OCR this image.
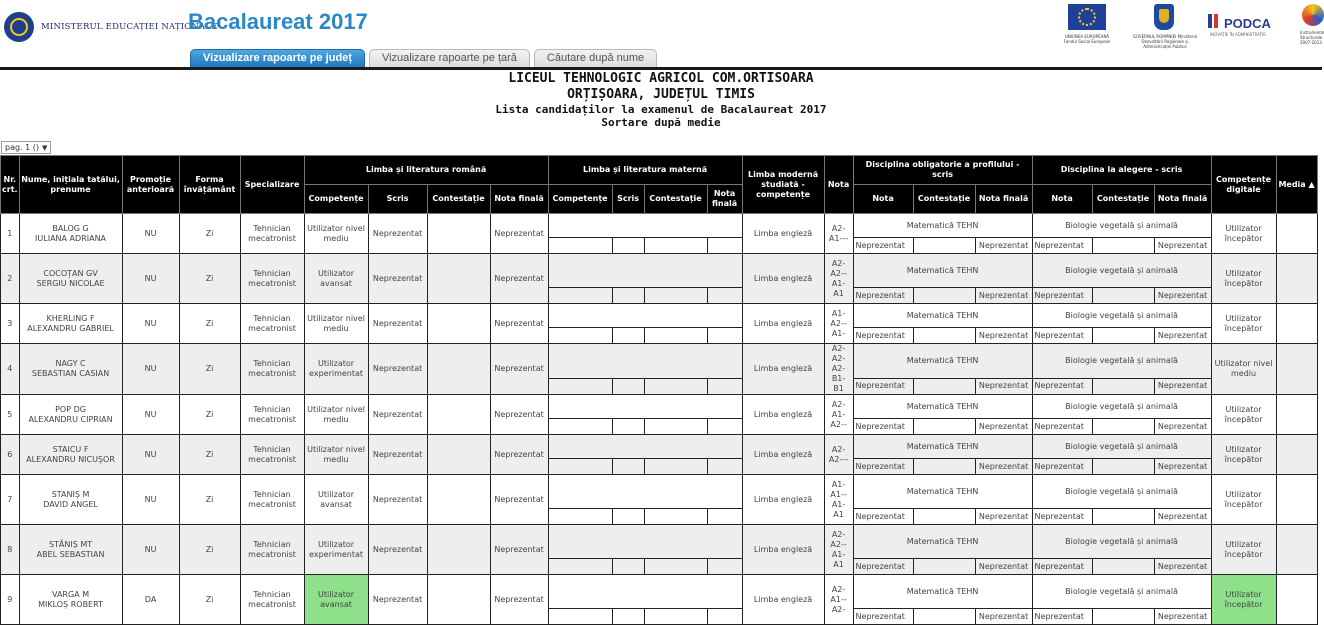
MINISTERUL EDUCAȚIEI NAȚIONALE
Bacalaureat 2017
Vizualizare rapoarte pe județ	Vizualizare rapoarte pe țară	Căutare după nume
UNIUNEA EUROPEANĂ Fondul Social European
GUVERNUL ROMÂNIEI Ministerul Dezvoltării Regionale și Administrației Publice
PODCA
INOVAȚIE ÎN ADMINISTRAȚIE	Instrumente Structurale 2007-2013
LICEUL TEHNOLOGIC AGRICOL COM.ORTISOARA
ORȚIȘOARA, JUDEȚUL TIMIS
Lista candidaților la examenul de Bacalaureat 2017
Sortare după medie
pag. 1 () ▼
Nr. crt.	Nume, inițiala tatălui, prenume	Promoție anterioară	Forma învățământ	Specializare	Limba și literatura română				Limba și literatura maternă				Limba modernă studiată - competențe	Nota	Disciplina obligatorie a profilului - scris			Disciplina la alegere - scris			Competențe digitale	Media ▲
					Competențe	Scris	Contestație	Nota finală	Competențe	Scris	Contestație	Nota finală			Nota	Contestație	Nota finală	Nota	Contestație	Nota finală		
1	BALOG G
IULIANA ADRIANA	NU	Zi	Tehnician mecatronist	Utilizator nivel mediu	Neprezentat		Neprezentat					Limba engleză	A2- A1---	Matematică TEHN			Biologie vegetală și animală			Utilizator începător	
															Neprezentat		Neprezentat	Neprezentat		Neprezentat		
2	COCOȚAN GV
SERGIU NICOLAE	NU	Zi	Tehnician mecatronist	Utilizator avansat	Neprezentat		Neprezentat					Limba engleză	A2- A2-- A1- A1	Matematică TEHN			Biologie vegetală și animală			Utilizator începător	
															Neprezentat		Neprezentat	Neprezentat		Neprezentat		
3	KHERLING F
ALEXANDRU GABRIEL	NU	Zi	Tehnician mecatronist	Utilizator nivel mediu	Neprezentat		Neprezentat					Limba engleză	A1- A2-- A1-	Matematică TEHN			Biologie vegetală și animală			Utilizator începător	
															Neprezentat		Neprezentat	Neprezentat		Neprezentat		
4	NAGY C
SEBASTIAN CASIAN	NU	Zi	Tehnician mecatronist	Utilizator experimentat	Neprezentat		Neprezentat					Limba engleză	A2- A2- A2- B1- B1	Matematică TEHN			Biologie vegetală și animală			Utilizator nivel mediu	
															Neprezentat		Neprezentat	Neprezentat		Neprezentat		
5	POP DG
ALEXANDRU CIPRIAN	NU	Zi	Tehnician mecatronist	Utilizator nivel mediu	Neprezentat		Neprezentat					Limba engleză	A2- A1- A2--	Matematică TEHN			Biologie vegetală și animală			Utilizator începător	
															Neprezentat		Neprezentat	Neprezentat		Neprezentat		
6	STAICU F
ALEXANDRU NICUȘOR	NU	Zi	Tehnician mecatronist	Utilizator nivel mediu	Neprezentat		Neprezentat					Limba engleză	A2- A2---	Matematică TEHN			Biologie vegetală și animală			Utilizator începător	
															Neprezentat		Neprezentat	Neprezentat		Neprezentat		
7	STANIȘ M
DAVID ANGEL	NU	Zi	Tehnician mecatronist	Utilizator avansat	Neprezentat		Neprezentat					Limba engleză	A1- A1-- A1- A1	Matematică TEHN			Biologie vegetală și animală			Utilizator începător	
															Neprezentat		Neprezentat	Neprezentat		Neprezentat		
8	STĂNIȘ MT
ABEL SEBASTIAN	NU	Zi	Tehnician mecatronist	Utilizator experimentat	Neprezentat		Neprezentat					Limba engleză	A2- A2-- A1- A1	Matematică TEHN			Biologie vegetală și animală			Utilizator începător	
															Neprezentat		Neprezentat	Neprezentat		Neprezentat		
9	VARGA M
MIKLOȘ ROBERT	DA	Zi	Tehnician mecatronist	Utilizator avansat	Neprezentat		Neprezentat					Limba engleză	A2- A1-- A2-	Matematică TEHN			Biologie vegetală și animală			Utilizator începător	
															Neprezentat		Neprezentat	Neprezentat		Neprezentat		
